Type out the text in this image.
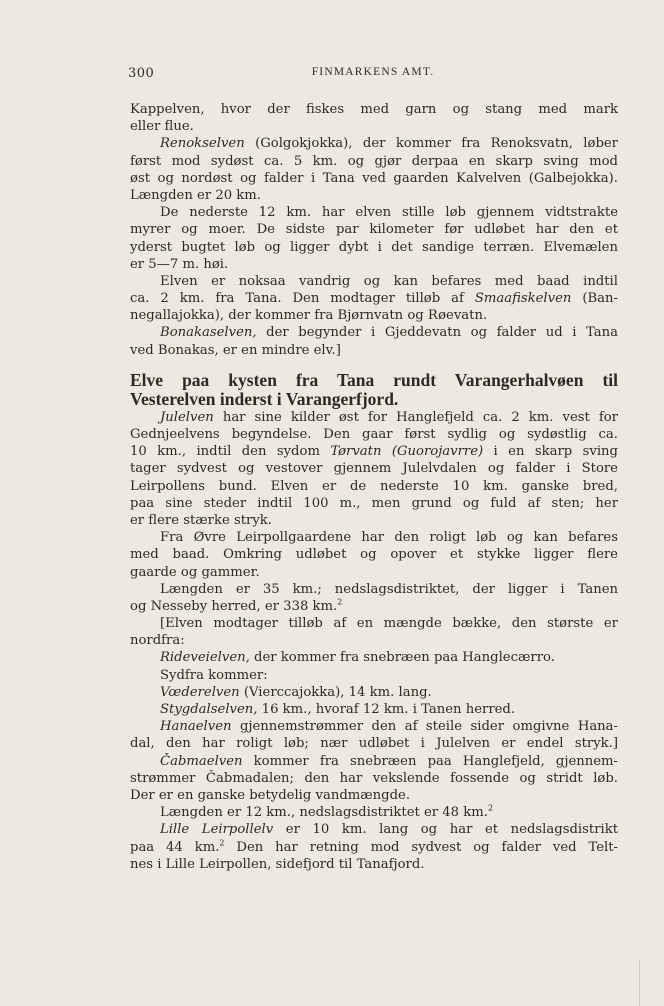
300	FINMARKENS AMT.
Kappelven, hvor der fiskes med garn og stang med mark
eller flue.
Renokselven (Golgokjokka), der kommer fra Renoksvatn, løber
først mod sydøst ca. 5 km. og gjør derpaa en skarp sving mod
øst og nordøst og falder i Tana ved gaarden Kalvelven (Galbejokka).
Længden er 20 km.
De nederste 12 km. har elven stille løb gjennem vidtstrakte
myrer og moer. De sidste par kilometer før udløbet har den et
yderst bugtet løb og ligger dybt i det sandige terræn. Elvemælen
er 5—7 m. høi.
Elven er noksaa vandrig og kan befares med baad indtil
ca. 2 km. fra Tana. Den modtager tilløb af Smaafiskelven (Ban-
negallajokka), der kommer fra Bjørnvatn og Røevatn.
Bonakaselven, der begynder i Gjeddevatn og falder ud i Tana
ved Bonakas, er en mindre elv.]
Elve paa kysten fra Tana rundt Varangerhalvøen til
Vesterelven inderst i Varangerfjord.
Julelven har sine kilder øst for Hanglefjeld ca. 2 km. vest for
Gednjeelvens begyndelse. Den gaar først sydlig og sydøstlig ca.
10 km., indtil den sydom Tørvatn (Guorojavrre) i en skarp sving
tager sydvest og vestover gjennem Julelvdalen og falder i Store
Leirpollens bund. Elven er de nederste 10 km. ganske bred,
paa sine steder indtil 100 m., men grund og fuld af sten; her
er flere stærke stryk.
Fra Øvre Leirpollgaardene har den roligt løb og kan befares
med baad. Omkring udløbet og opover et stykke ligger flere
gaarde og gammer.
Længden er 35 km.; nedslagsdistriktet, der ligger i Tanen
og Nesseby herred, er 338 km.$^2$
[Elven modtager tilløb af en mængde bække, den største er
nordfra:
Rideveielven, der kommer fra snebræen paa Hanglecærro.
Sydfra kommer:
Vœderelven (Vierccajokka), 14 km. lang.
Stygdalselven, 16 km., hvoraf 12 km. i Tanen herred.
Hanaelven gjennemstrømmer den af steile sider omgivne Hana-
dal, den har roligt løb; nær udløbet i Julelven er endel stryk.]
Čabmaelven kommer fra snebræen paa Hanglefjeld, gjennem-
strømmer Čabmadalen; den har vekslende fossende og stridt løb.
Der er en ganske betydelig vandmængde.
Længden er 12 km., nedslagsdistriktet er 48 km.$^2$
Lille Leirpollelv er 10 km. lang og har et nedslagsdistrikt
paa 44 km.$^2$ Den har retning mod sydvest og falder ved Telt-
nes i Lille Leirpollen, sidefjord til Tanafjord.
